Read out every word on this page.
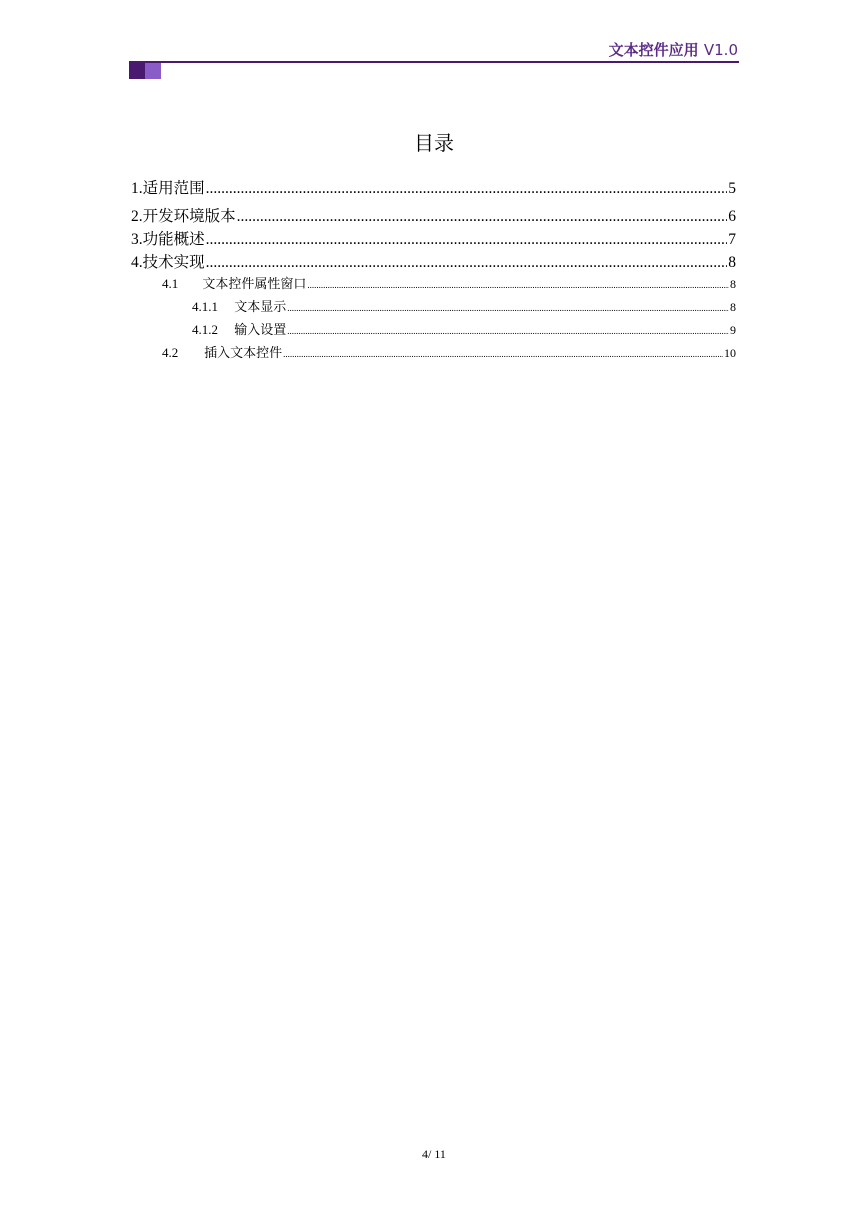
文本控件应用 V1.0
目录
1. 适用范围 .....	5
2. 开发环境版本 .....	6
3. 功能概述 .....	7
4. 技术实现 .....	8
4.1	文本控件属性窗口 .....	8
4.1.1	文本显示 .....	8
4.1.2	输入设置 .....	9
4.2	插入文本控件 .....	10
4/ 11
